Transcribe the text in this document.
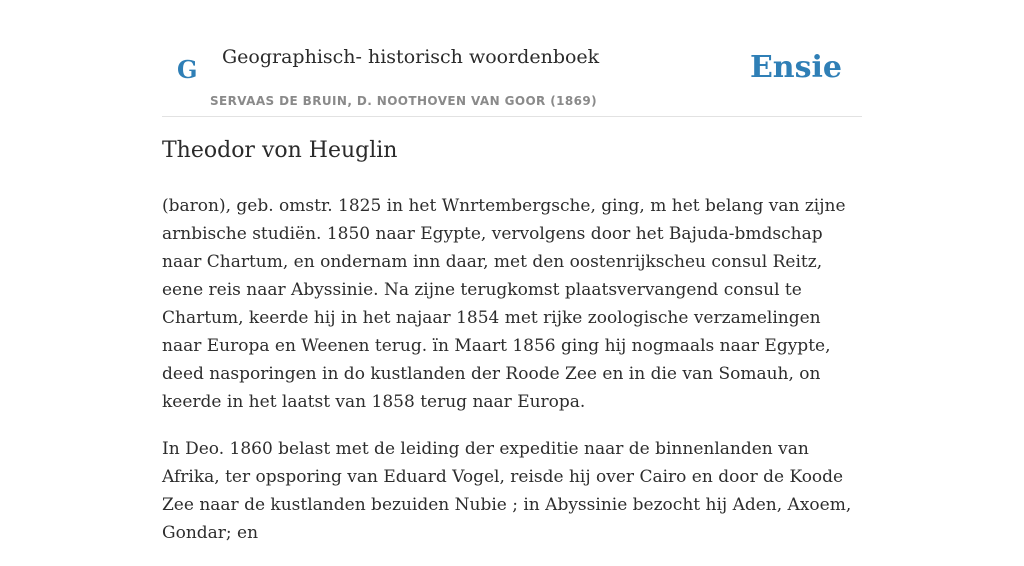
G Geographisch- historisch woordenboek
SERVAAS DE BRUIN, D. NOOTHOVEN VAN GOOR (1869)
Ensie
Theodor von Heuglin

(baron), geb. omstr. 1825 in het Wnrtembergsche, ging, m het belang van zijne arnbische studiën. 1850 naar Egypte, vervolgens door het Bajuda-bmdschap naar Chartum, en ondernam inn daar, met den oostenrijkscheu consul Reitz, eene reis naar Abyssinie. Na zijne terugkomst plaatsvervangend consul te Chartum, keerde hij in het najaar 1854 met rijke zoologische verzamelingen naar Europa en Weenen terug. ïn Maart 1856 ging hij nogmaals naar Egypte, deed nasporingen in do kustlanden der Roode Zee en in die van Somauh, on keerde in het laatst van 1858 terug naar Europa.

In Deo. 1860 belast met de leiding der expeditie naar de binnenlanden van Afrika, ter opsporing van Eduard Vogel, reisde hij over Cairo en door de Koode Zee naar de kustlanden bezuiden Nubie ; in Abyssinie bezocht hij Aden, Axoem, Gondar; en
